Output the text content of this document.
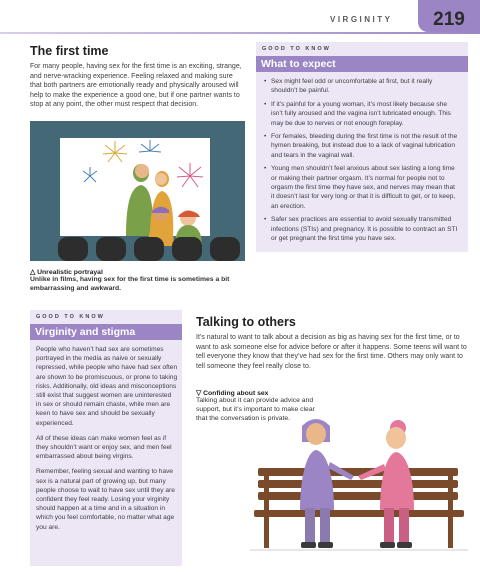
VIRGINITY	219
The first time

For many people, having sex for the first time is an exciting, strange, and nerve-wracking experience. Feeling relaxed and making sure that both partners are emotionally ready and physically aroused will help to make the experience a good one, but if one partner wants to stop at any point, the other must respect that decision.

△ Unrealistic portrayal
Unlike in films, having sex for the first time is sometimes a bit embarrassing and awkward.
GOOD TO KNOW
What to expect
• Sex might feel odd or uncomfortable at first, but it really shouldn’t be painful.
• If it’s painful for a young woman, it’s most likely because she isn’t fully aroused and the vagina isn’t lubricated enough. This may be due to nerves or not enough foreplay.
• For females, bleeding during the first time is not the result of the hymen breaking, but instead due to a lack of vaginal lubrication and tears in the vaginal wall.
• Young men shouldn’t feel anxious about sex lasting a long time or making their partner orgasm. It’s normal for people not to orgasm the first time they have sex, and nerves may mean that it doesn’t last for very long or that it is difficult to get, or to keep, an erection.
• Safer sex practices are essential to avoid sexually transmitted infections (STIs) and pregnancy. It is possible to contract an STI or get pregnant the first time you have sex.
GOOD TO KNOW
Virginity and stigma

People who haven’t had sex are sometimes portrayed in the media as naive or sexually repressed, while people who have had sex often are shown to be promiscuous, or prone to taking risks. Additionally, old ideas and misconceptions still exist that suggest women are uninterested in sex or should remain chaste, while men are keen to have sex and should be sexually experienced.

All of these ideas can make women feel as if they shouldn’t want or enjoy sex, and men feel embarrassed about being virgins.

Remember, feeling sexual and wanting to have sex is a natural part of growing up, but many people choose to wait to have sex until they are confident they feel ready. Losing your virginity should happen at a time and in a situation in which you feel comfortable, no matter what age you are.

Talking to others

It’s natural to want to talk about a decision as big as having sex for the first time, or to want to ask someone else for advice before or after it happens. Some teens will want to tell everyone they know that they’ve had sex for the first time. Others may only want to tell someone they feel really close to.

▽ Confiding about sex
Talking about it can provide advice and support, but it’s important to make clear that the conversation is private.
